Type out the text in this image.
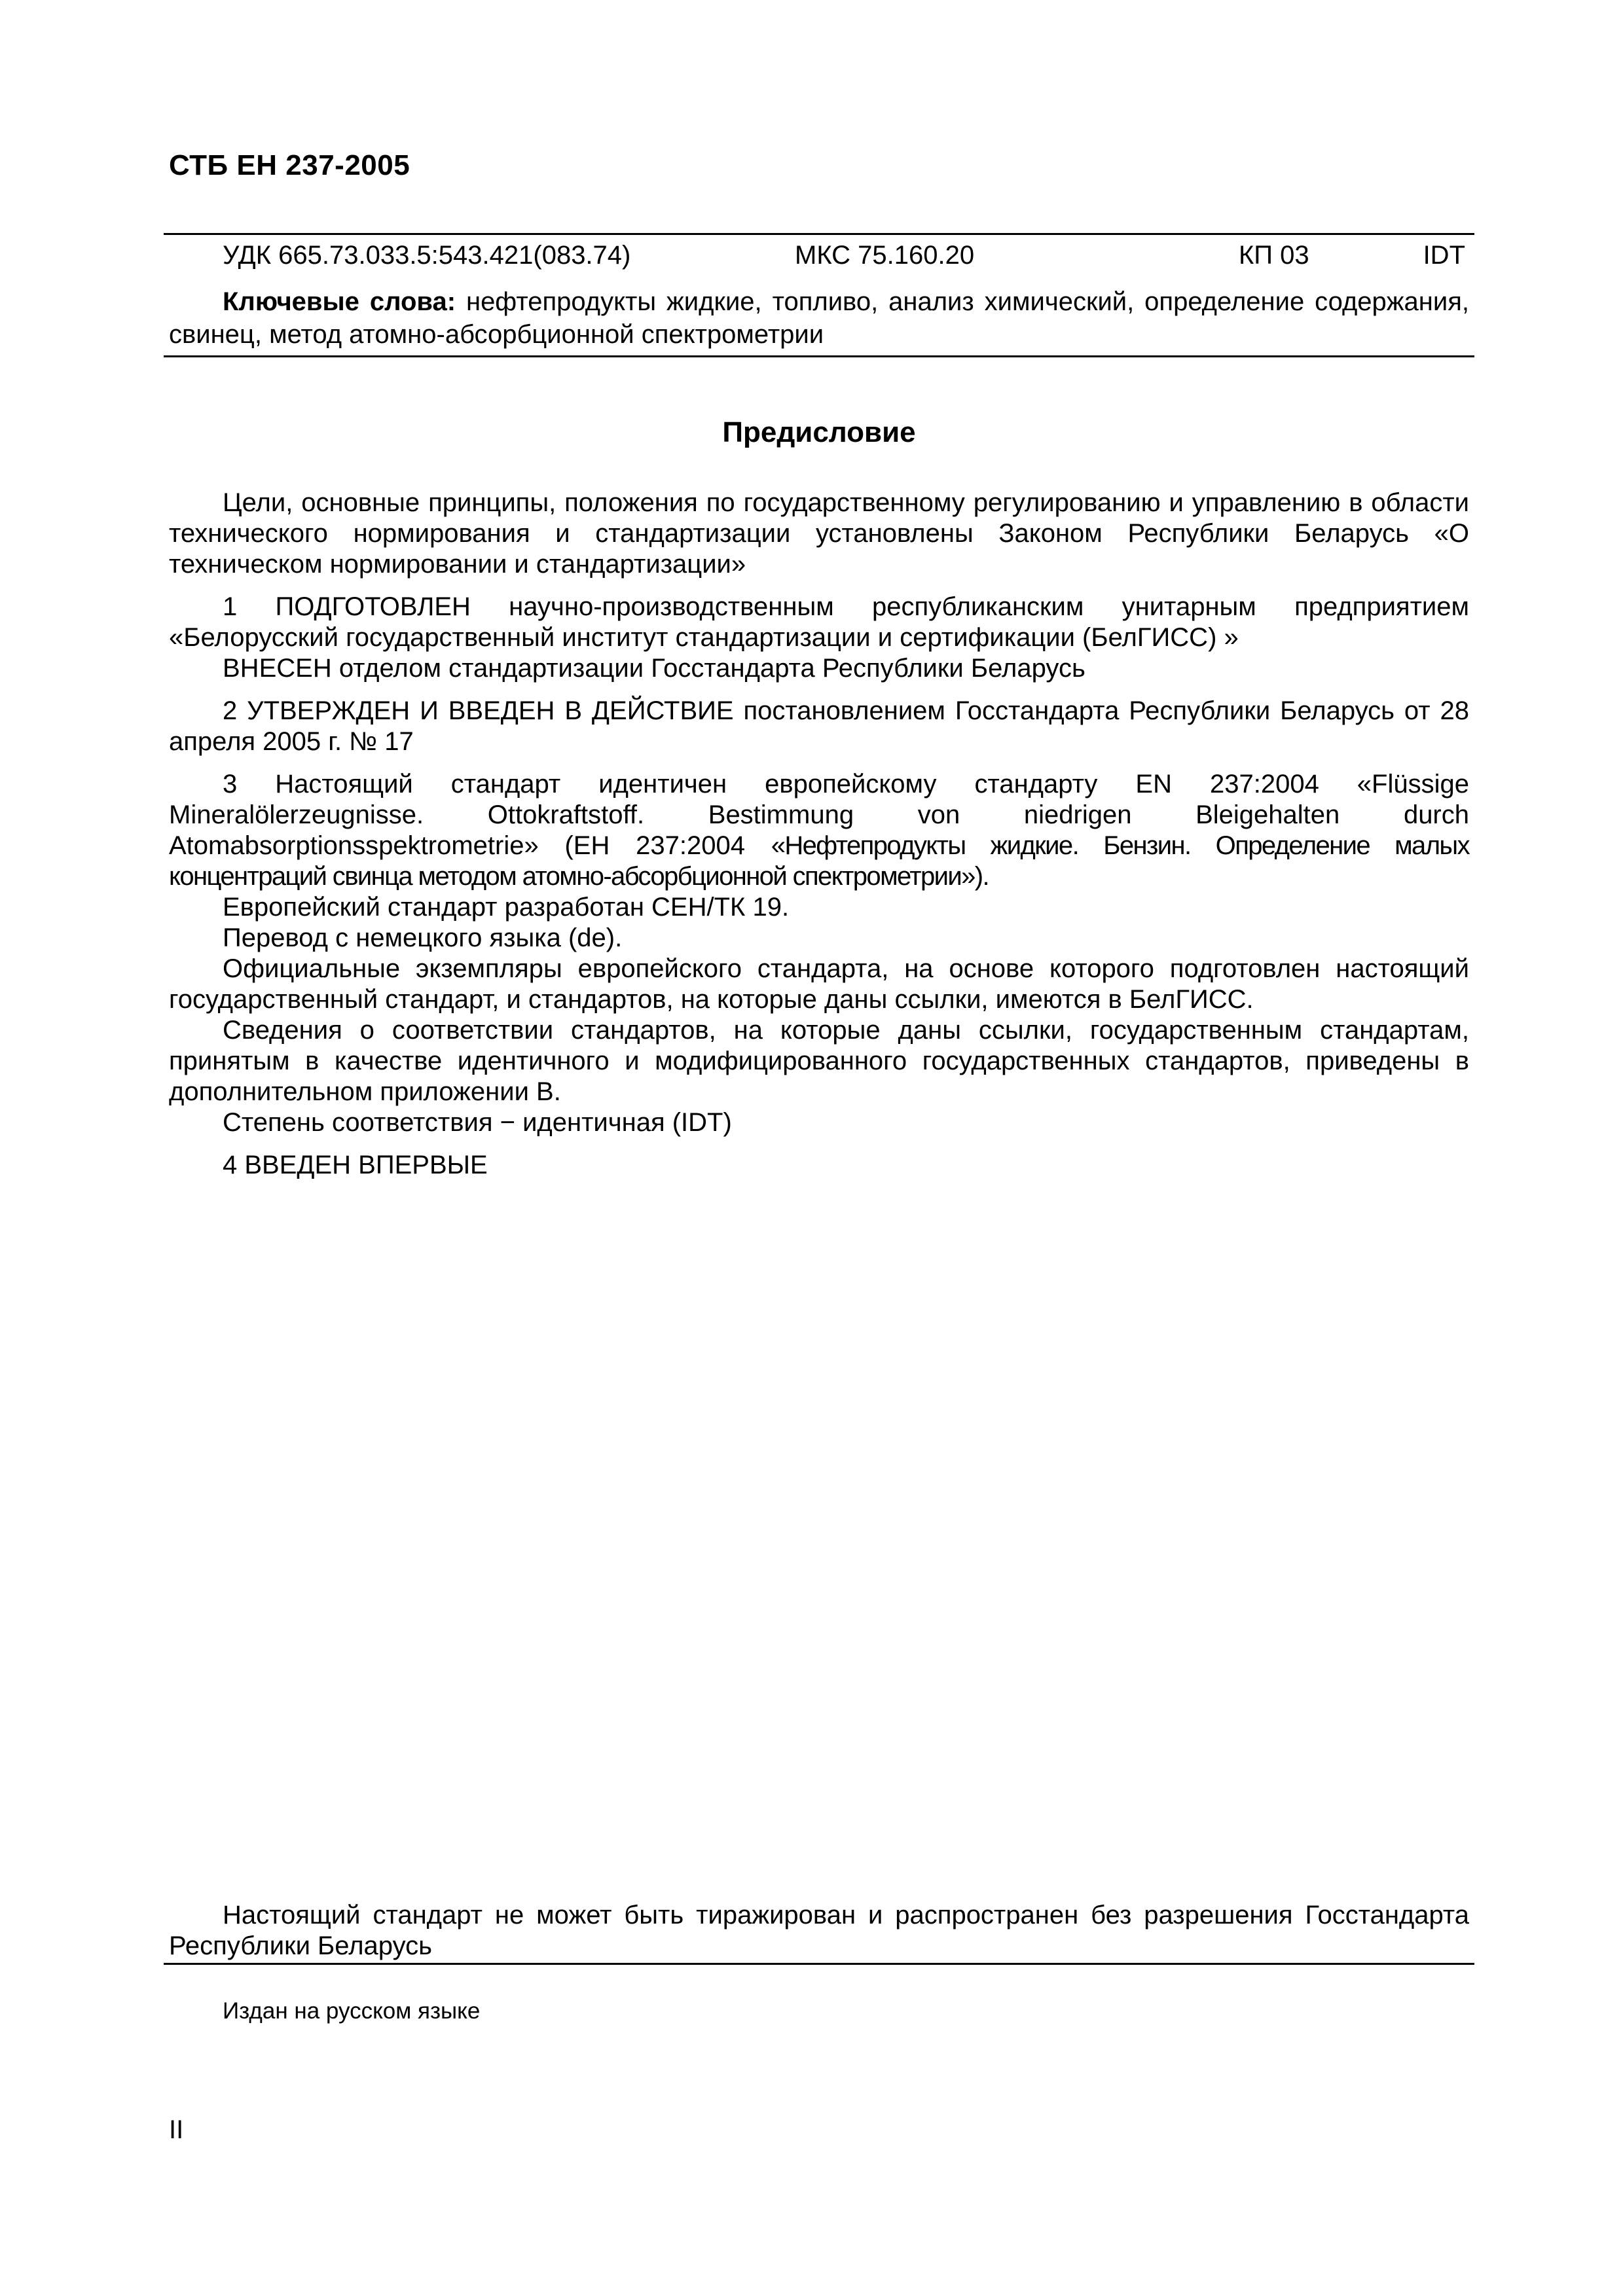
СТБ ЕН 237-2005
УДК 665.73.033.5:543.421(083.74)	МКС 75.160.20	КП 03	IDT
Ключевые слова: нефтепродукты жидкие, топливо, анализ химический, определение содержания, свинец, метод атомно-абсорбционной спектрометрии
Предисловие

Цели, основные принципы, положения по государственному регулированию и управлению в области технического нормирования и стандартизации установлены Законом Республики Беларусь «О техническом нормировании и стандартизации»

1 ПОДГОТОВЛЕН научно-производственным республиканским унитарным предприятием «Белорусский государственный институт стандартизации и сертификации (БелГИСС) »

ВНЕСЕН отделом стандартизации Госстандарта Республики Беларусь

2 УТВЕРЖДЕН И ВВЕДЕН В ДЕЙСТВИЕ постановлением Госстандарта Республики Беларусь от 28 апреля 2005 г. № 17

3 Настоящий стандарт идентичен европейскому стандарту EN 237:2004 «Flüssige Mineralölerzeugnisse. Ottokraftstoff. Bestimmung von niedrigen Bleigehalten durch Atomabsorptionsspektrometrie» (ЕН 237:2004 «Нефтепродукты жидкие. Бензин. Определение малых концентраций свинца методом атомно-абсорбционной спектрометрии»).

Европейский стандарт разработан СЕН/ТК 19.

Перевод с немецкого языка (de).

Официальные экземпляры европейского стандарта, на основе которого подготовлен настоящий государственный стандарт, и стандартов, на которые даны ссылки, имеются в БелГИСС.

Сведения о соответствии стандартов, на которые даны ссылки, государственным стандартам, принятым в качестве идентичного и модифицированного государственных стандартов, приведены в дополнительном приложении В.

Степень соответствия − идентичная (IDT)

4 ВВЕДЕН ВПЕРВЫЕ

Настоящий стандарт не может быть тиражирован и распространен без разрешения Госстандарта Республики Беларусь
Издан на русском языке
II
